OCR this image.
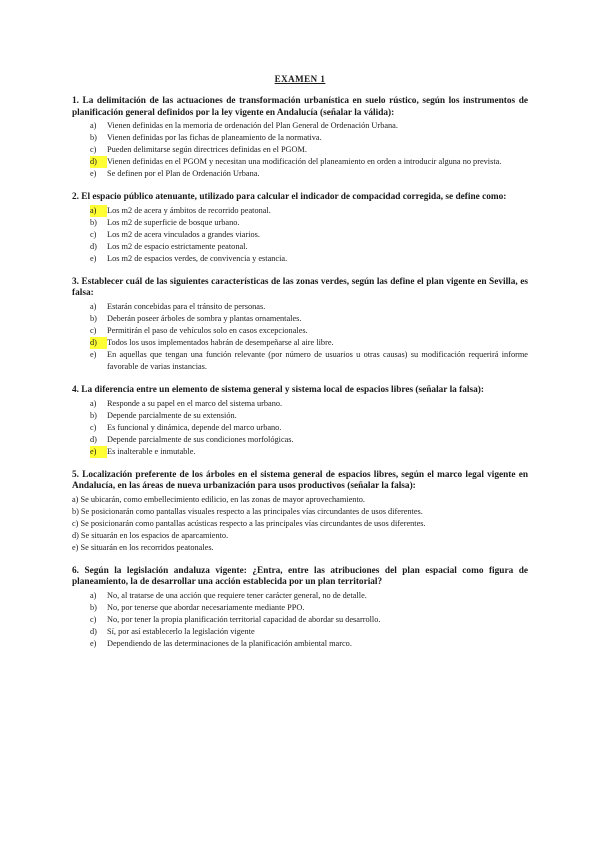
EXAMEN 1
1. La delimitación de las actuaciones de transformación urbanística en suelo rústico, según los instrumentos de planificación general definidos por la ley vigente en Andalucía (señalar la válida):
a)	Vienen definidas en la memoria de ordenación del Plan General de Ordenación Urbana.
b)	Vienen definidas por las fichas de planeamiento de la normativa.
c)	Pueden delimitarse según directrices definidas en el PGOM.
d)	Vienen definidas en el PGOM y necesitan una modificación del planeamiento en orden a introducir alguna no prevista.
e)	Se definen por el Plan de Ordenación Urbana.
2. El espacio público atenuante, utilizado para calcular el indicador de compacidad corregida, se define como:
a)	Los m2 de acera y ámbitos de recorrido peatonal.
b)	Los m2 de superficie de bosque urbano.
c)	Los m2 de acera vinculados a grandes viarios.
d)	Los m2 de espacio estrictamente peatonal.
e)	Los m2 de espacios verdes, de convivencia y estancia.
3. Establecer cuál de las siguientes características de las zonas verdes, según las define el plan vigente en Sevilla, es falsa:
a)	Estarán concebidas para el tránsito de personas.
b)	Deberán poseer árboles de sombra y plantas ornamentales.
c)	Permitirán el paso de vehículos solo en casos excepcionales.
d)	Todos los usos implementados habrán de desempeñarse al aire libre.
e)	En aquellas que tengan una función relevante (por número de usuarios u otras causas) su modificación requerirá informe favorable de varias instancias.
4. La diferencia entre un elemento de sistema general y sistema local de espacios libres (señalar la falsa):
a)	Responde a su papel en el marco del sistema urbano.
b)	Depende parcialmente de su extensión.
c)	Es funcional y dinámica, depende del marco urbano.
d)	Depende parcialmente de sus condiciones morfológicas.
e)	Es inalterable e inmutable.
5. Localización preferente de los árboles en el sistema general de espacios libres, según el marco legal vigente en Andalucía, en las áreas de nueva urbanización para usos productivos (señalar la falsa):
a) Se ubicarán, como embellecimiento edilicio, en las zonas de mayor aprovechamiento.
b) Se posicionarán como pantallas visuales respecto a las principales vías circundantes de usos diferentes.
c) Se posicionarán como pantallas acústicas respecto a las principales vías circundantes de usos diferentes.
d) Se situarán en los espacios de aparcamiento.
e) Se situarán en los recorridos peatonales.
6. Según la legislación andaluza vigente: ¿Entra, entre las atribuciones del plan espacial como figura de planeamiento, la de desarrollar una acción establecida por un plan territorial?
a)	No, al tratarse de una acción que requiere tener carácter general, no de detalle.
b)	No, por tenerse que abordar necesariamente mediante PPO.
c)	No, por tener la propia planificación territorial capacidad de abordar su desarrollo.
d)	Sí, por así establecerlo la legislación vigente
e)	Dependiendo de las determinaciones de la planificación ambiental marco.
